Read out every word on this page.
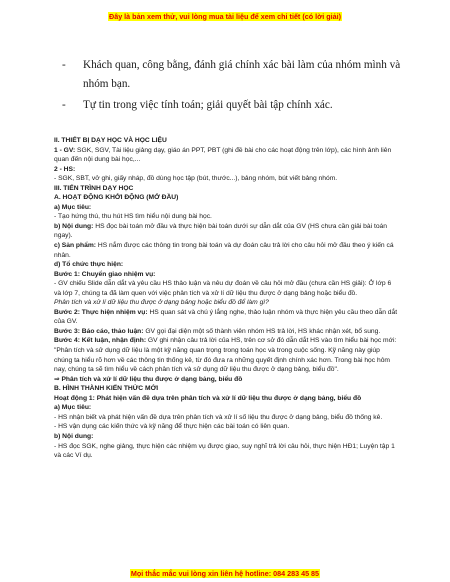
Đây là bản xem thử, vui lòng mua tài liệu để xem chi tiết (có lời giải)
- Khách quan, công bằng, đánh giá chính xác bài làm của nhóm mình và
nhóm bạn.
- Tự tin trong việc tính toán; giải quyết bài tập chính xác.

II. THIẾT BỊ DẠY HỌC VÀ HỌC LIỆU

1 - GV: SGK, SGV, Tài liệu giảng dạy, giáo án PPT, PBT (ghi đề bài cho các hoạt động trên lớp), các hình ảnh liên quan đến nội dung bài học,...

2 - HS:

- SGK, SBT, vở ghi, giấy nháp, đồ dùng học tập (bút, thước...), bảng nhóm, bút viết bảng nhóm.

III. TIẾN TRÌNH DẠY HỌC

A. HOẠT ĐỘNG KHỞI ĐỘNG (MỞ ĐẦU)

a) Mục tiêu:

- Tạo hứng thú, thu hút HS tìm hiểu nội dung bài học.

b) Nội dung: HS đọc bài toán mở đầu và thực hiện bài toán dưới sự dẫn dắt của GV (HS chưa cần giải bài toán ngay).

c) Sản phẩm: HS nắm được các thông tin trong bài toán và dự đoán câu trả lời cho câu hỏi mở đầu theo ý kiến cá nhân.

d) Tổ chức thực hiện:

Bước 1: Chuyển giao nhiệm vụ:

- GV chiếu Slide dẫn dắt và yêu cầu HS thảo luận và nêu dự đoán về câu hỏi mở đầu (chưa cần HS giải): Ở lớp 6 và lớp 7, chúng ta đã làm quen với việc phân tích và xử lí dữ liệu thu được ở dạng bảng hoặc biểu đồ.

Phân tích và xử lí dữ liệu thu được ở dạng bảng hoặc biểu đồ để làm gì?

Bước 2: Thực hiện nhiệm vụ: HS quan sát và chú ý lắng nghe, thảo luận nhóm và thực hiện yêu cầu theo dẫn dắt của GV.

Bước 3: Báo cáo, thảo luận: GV gọi đại diện một số thành viên nhóm HS trả lời, HS khác nhận xét, bổ sung.

Bước 4: Kết luận, nhận định: GV ghi nhận câu trả lời của HS, trên cơ sở đó dẫn dắt HS vào tìm hiểu bài học mới: "Phân tích và sử dụng dữ liệu là một kỹ năng quan trọng trong toán học và trong cuộc sống. Kỹ năng này giúp chúng ta hiểu rõ hơn về các thông tin thống kê, từ đó đưa ra những quyết định chính xác hơn. Trong bài học hôm nay, chúng ta sẽ tìm hiểu về cách phân tích và sử dụng dữ liệu thu được ở dạng bảng, biểu đồ".

⇒ Phân tích và xử lí dữ liệu thu được ở dạng bảng, biểu đồ

B. HÌNH THÀNH KIẾN THỨC MỚI

Hoạt động 1: Phát hiện vấn đề dựa trên phân tích và xử lí dữ liệu thu được ở dạng bảng, biểu đồ

a) Mục tiêu:

- HS nhận biết và phát hiện vấn đề dựa trên phân tích và xử lí số liệu thu được ở dạng bảng, biểu đồ thống kê.

- HS vận dụng các kiến thức và kỹ năng để thực hiện các bài toán có liên quan.

b) Nội dung:

- HS đọc SGK, nghe giảng, thực hiện các nhiệm vụ được giao, suy nghĩ trả lời câu hỏi, thực hiện HĐ1; Luyện tập 1 và các Ví dụ.

Mọi thắc mắc vui lòng xin liên hệ hotline: 084 283 45 85
